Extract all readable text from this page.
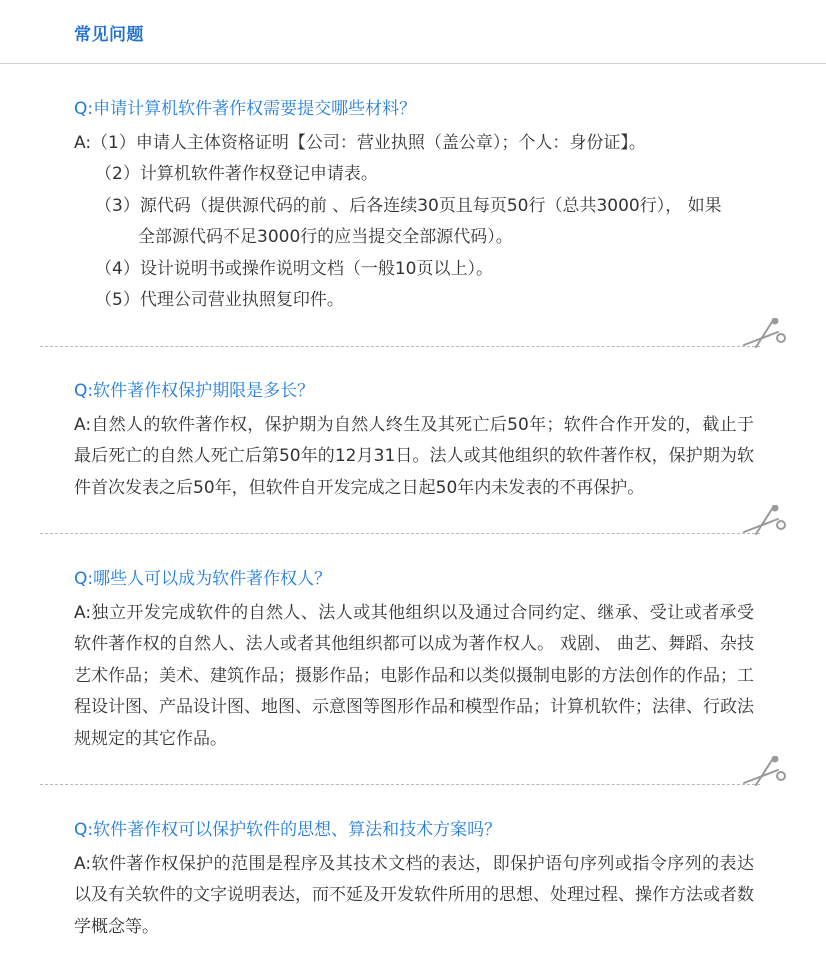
常见问题

Q:申请计算机软件著作权需要提交哪些材料？

A:（1）申请人主体资格证明【公司：营业执照（盖公章）；个人：身份证】。

（2）计算机软件著作权登记申请表。

（3）源代码（提供源代码的前 、后各连续30页且每页50行（总共3000行）， 如果

全部源代码不足3000行的应当提交全部源代码）。

（4）设计说明书或操作说明文档（一般10页以上）。

（5）代理公司营业执照复印件。

Q:软件著作权保护期限是多长？

A:自然人的软件著作权，保护期为自然人终生及其死亡后50年；软件合作开发的，截止于最后死亡的自然人死亡后第50年的12月31日。法人或其他组织的软件著作权，保护期为软件首次发表之后50年，但软件自开发完成之日起50年内未发表的不再保护。

Q:哪些人可以成为软件著作权人？

A:独立开发完成软件的自然人、法人或其他组织以及通过合同约定、继承、受让或者承受软件著作权的自然人、法人或者其他组织都可以成为著作权人。 戏剧、 曲艺、舞蹈、杂技艺术作品；美术、建筑作品；摄影作品；电影作品和以类似摄制电影的方法创作的作品；工程设计图、产品设计图、地图、示意图等图形作品和模型作品；计算机软件；法律、行政法规规定的其它作品。

Q:软件著作权可以保护软件的思想、算法和技术方案吗？

A:软件著作权保护的范围是程序及其技术文档的表达，即保护语句序列或指令序列的表达以及有关软件的文字说明表达，而不延及开发软件所用的思想、处理过程、操作方法或者数学概念等。
